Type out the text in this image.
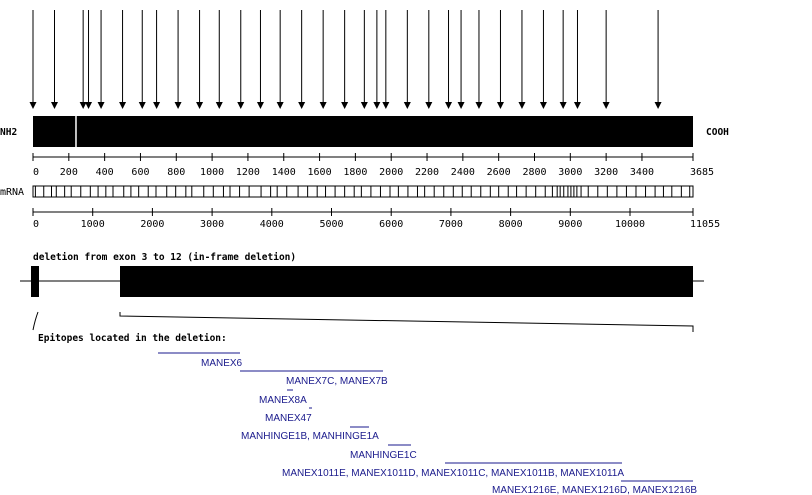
NH2	COOH
0 200 400 600 800 1000 1200 1400 1600 1800 2000 2200 2400 2600 2800 3000 3200 3400	3685
mRNA
0	1000	2000	3000	4000	5000	6000	7000	8000	9000	10000	11055
deletion from exon 3 to 12 (in-frame deletion)
Epitopes located in the deletion:
MANEX6
MANEX7C, MANEX7B
MANEX8A
MANEX47
MANHINGE1B, MANHINGE1A
MANHINGE1C
MANEX1011E, MANEX1011D, MANEX1011C, MANEX1011B, MANEX1011A
MANEX1216E, MANEX1216D, MANEX1216B
